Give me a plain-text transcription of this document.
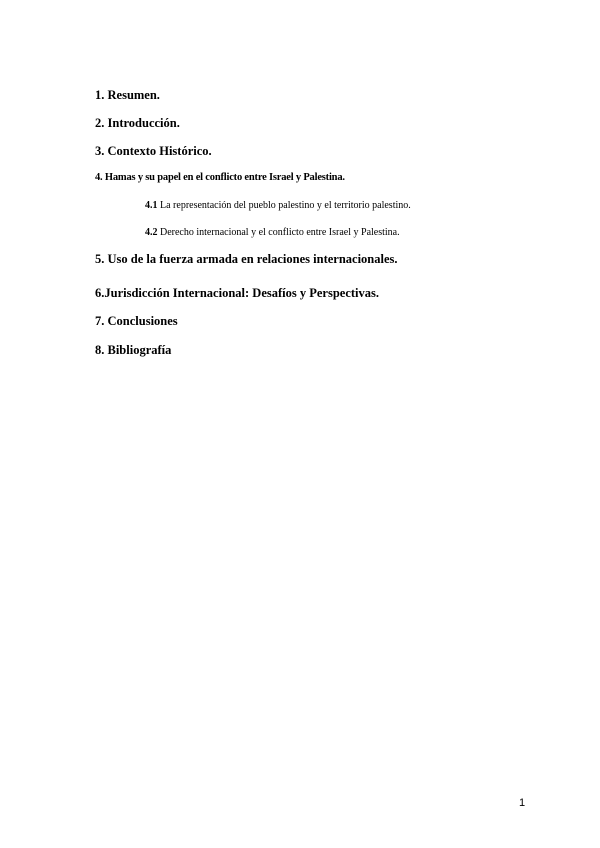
1. Resumen.

2. Introducción.

3. Contexto Histórico.

4. Hamas y su papel en el conflicto entre Israel y Palestina.

4.1 La representación del pueblo palestino y el territorio palestino.

4.2 Derecho internacional y el conflicto entre Israel y Palestina.

5. Uso de la fuerza armada en relaciones internacionales.

6.Jurisdicción Internacional: Desafíos y Perspectivas.

7. Conclusiones

8. Bibliografía

1
